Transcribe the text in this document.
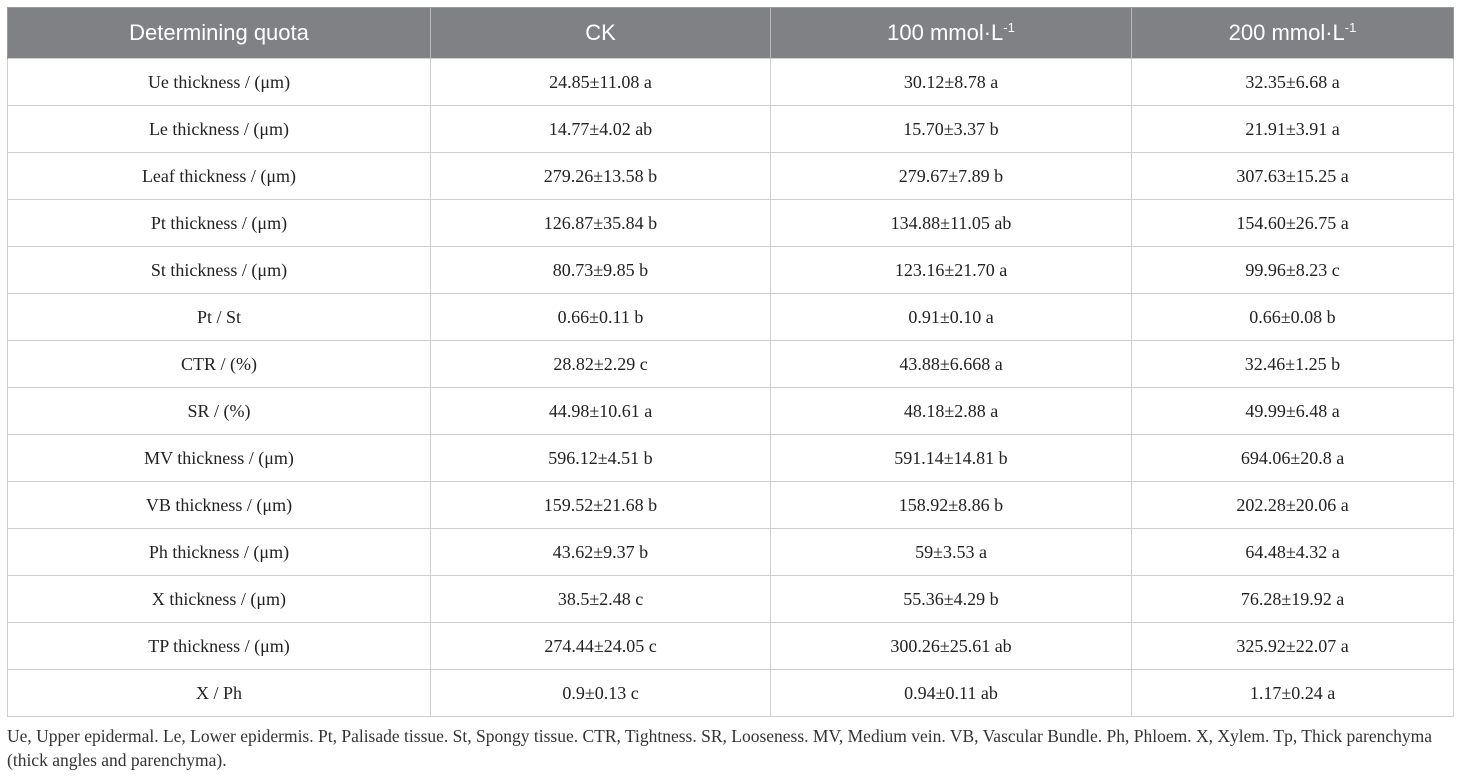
Determining quota	CK	100 $mmol\cdot L^{-1}$	200 $mmol\cdot L^{-1}$
Ue thickness / (μm)	24.85±11.08 a	30.12±8.78 a	32.35±6.68 a
Le thickness / (μm)	14.77±4.02 ab	15.70±3.37 b	21.91±3.91 a
Leaf thickness / (μm)	279.26±13.58 b	279.67±7.89 b	307.63±15.25 a
Pt thickness / (μm)	126.87±35.84 b	134.88±11.05 ab	154.60±26.75 a
St thickness / (μm)	80.73±9.85 b	123.16±21.70 a	99.96±8.23 c
Pt / St	0.66±0.11 b	0.91±0.10 a	0.66±0.08 b
CTR / (%)	28.82±2.29 c	43.88±6.668 a	32.46±1.25 b
SR / (%)	44.98±10.61 a	48.18±2.88 a	49.99±6.48 a
MV thickness / (μm)	596.12±4.51 b	591.14±14.81 b	694.06±20.8 a
VB thickness / (μm)	159.52±21.68 b	158.92±8.86 b	202.28±20.06 a
Ph thickness / (μm)	43.62±9.37 b	59±3.53 a	64.48±4.32 a
X thickness / (μm)	38.5±2.48 c	55.36±4.29 b	76.28±19.92 a
TP thickness / (μm)	274.44±24.05 c	300.26±25.61 ab	325.92±22.07 a
X / Ph	0.9±0.13 c	0.94±0.11 ab	1.17±0.24 a
Ue, Upper epidermal. Le, Lower epidermis. Pt, Palisade tissue. St, Spongy tissue. CTR, Tightness. SR, Looseness. MV, Medium vein. VB, Vascular Bundle. Ph, Phloem. X, Xylem. Tp, Thick parenchyma (thick angles and parenchyma).
